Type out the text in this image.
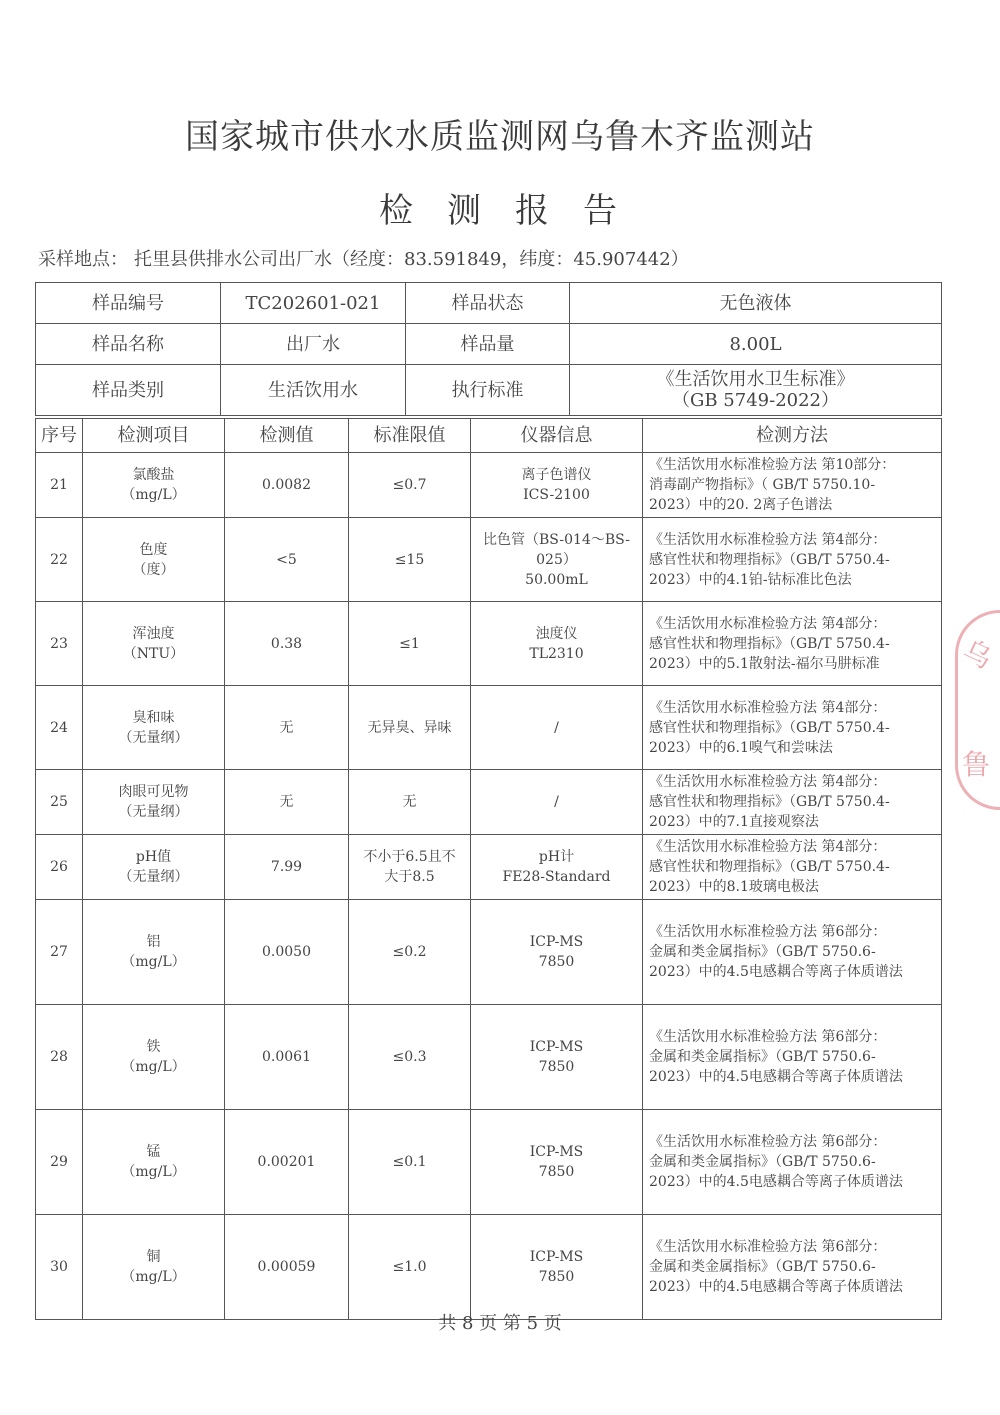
国家城市供水水质监测网乌鲁木齐监测站
检测报告
采样地点： 托里县供排水公司出厂水（经度：83.591849，纬度：45.907442）
样品编号	TC202601-021	样品状态	无色液体
样品名称	出厂水	样品量	8.00L
样品类别	生活饮用水	执行标准	《生活饮用水卫生标准》
（GB 5749-2022）
序号	检测项目	检测值	标准限值	仪器信息	检测方法
21	氯酸盐
（mg/L）	0.0082	≤0.7	离子色谱仪
ICS-2100	《生活饮用水标准检验方法 第10部分：
消毒副产物指标》（ GB/T 5750.10-
2023）中的20. 2离子色谱法

22	色度
（度）	<5	≤15	比色管（BS-014～BS-
025）
50.00mL	《生活饮用水标准检验方法 第4部分：
感官性状和物理指标》（GB/T 5750.4-
2023）中的4.1铂-钴标准比色法

23	浑浊度
（NTU）	0.38	≤1	浊度仪
TL2310	《生活饮用水标准检验方法 第4部分：
感官性状和物理指标》（GB/T 5750.4-
2023）中的5.1散射法-福尔马肼标准

24	臭和味
（无量纲）	无	无异臭、异味	/	《生活饮用水标准检验方法 第4部分：
感官性状和物理指标》（GB/T 5750.4-
2023）中的6.1嗅气和尝味法

25	肉眼可见物
（无量纲）	无	无	/	《生活饮用水标准检验方法 第4部分：
感官性状和物理指标》（GB/T 5750.4-
2023）中的7.1直接观察法

26	pH值
（无量纲）	7.99	不小于6.5且不
大于8.5	pH计
FE28-Standard	《生活饮用水标准检验方法 第4部分：
感官性状和物理指标》（GB/T 5750.4-
2023）中的8.1玻璃电极法

27	铝
（mg/L）	0.0050	≤0.2	ICP-MS
7850	《生活饮用水标准检验方法 第6部分：
金属和类金属指标》（GB/T 5750.6-
2023）中的4.5电感耦合等离子体质谱法

28	铁
（mg/L）	0.0061	≤0.3	ICP-MS
7850	《生活饮用水标准检验方法 第6部分：
金属和类金属指标》（GB/T 5750.6-
2023）中的4.5电感耦合等离子体质谱法

29	锰
（mg/L）	0.00201	≤0.1	ICP-MS
7850	《生活饮用水标准检验方法 第6部分：
金属和类金属指标》（GB/T 5750.6-
2023）中的4.5电感耦合等离子体质谱法

30	铜
（mg/L）	0.00059	≤1.0	ICP-MS
7850	《生活饮用水标准检验方法 第6部分：
金属和类金属指标》（GB/T 5750.6-
2023）中的4.5电感耦合等离子体质谱法
共 8 页 第 5 页
乌
鲁
